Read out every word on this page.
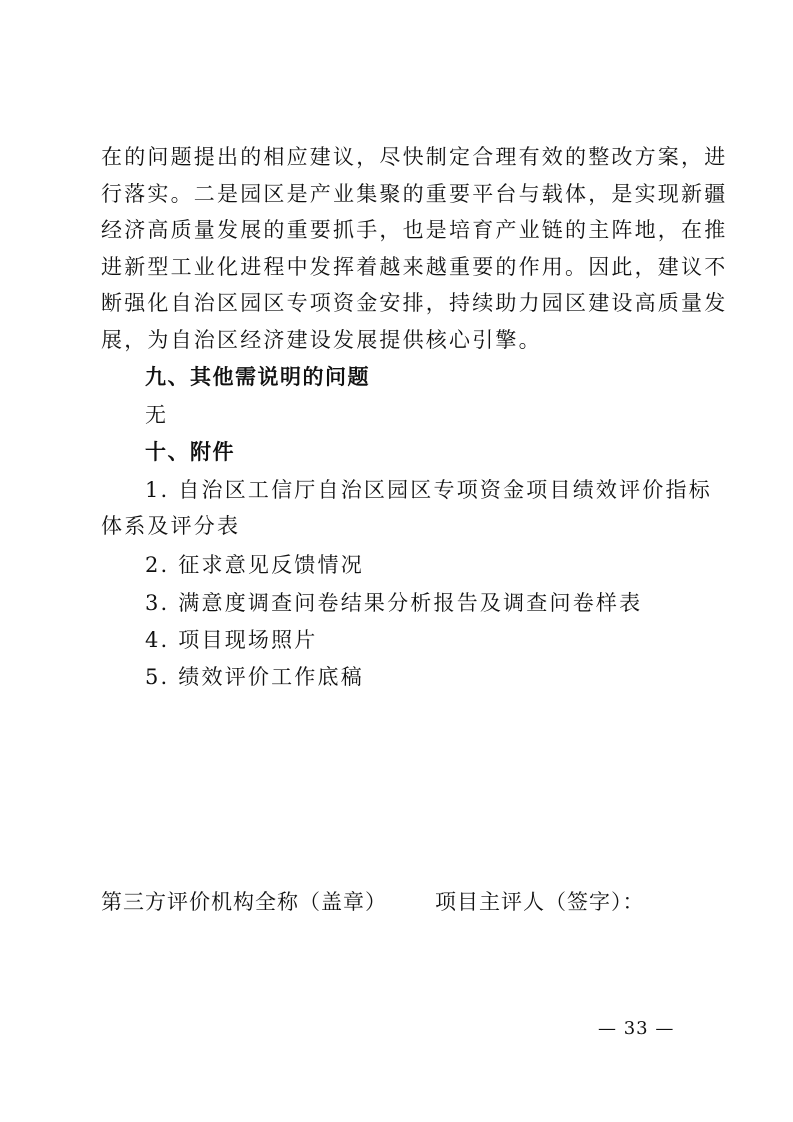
在的问题提出的相应建议，尽快制定合理有效的整改方案，进
行落实。二是园区是产业集聚的重要平台与载体，是实现新疆
经济高质量发展的重要抓手，也是培育产业链的主阵地，在推
进新型工业化进程中发挥着越来越重要的作用。因此，建议不
断强化自治区园区专项资金安排，持续助力园区建设高质量发
展，为自治区经济建设发展提供核心引擎。
九、其他需说明的问题
无
十、附件
1. 自治区工信厅自治区园区专项资金项目绩效评价指标
体系及评分表
2. 征求意见反馈情况
3. 满意度调查问卷结果分析报告及调查问卷样表
4. 项目现场照片
5. 绩效评价工作底稿
第三方评价机构全称（盖章） 项目主评人（签字）：
— 33 —
